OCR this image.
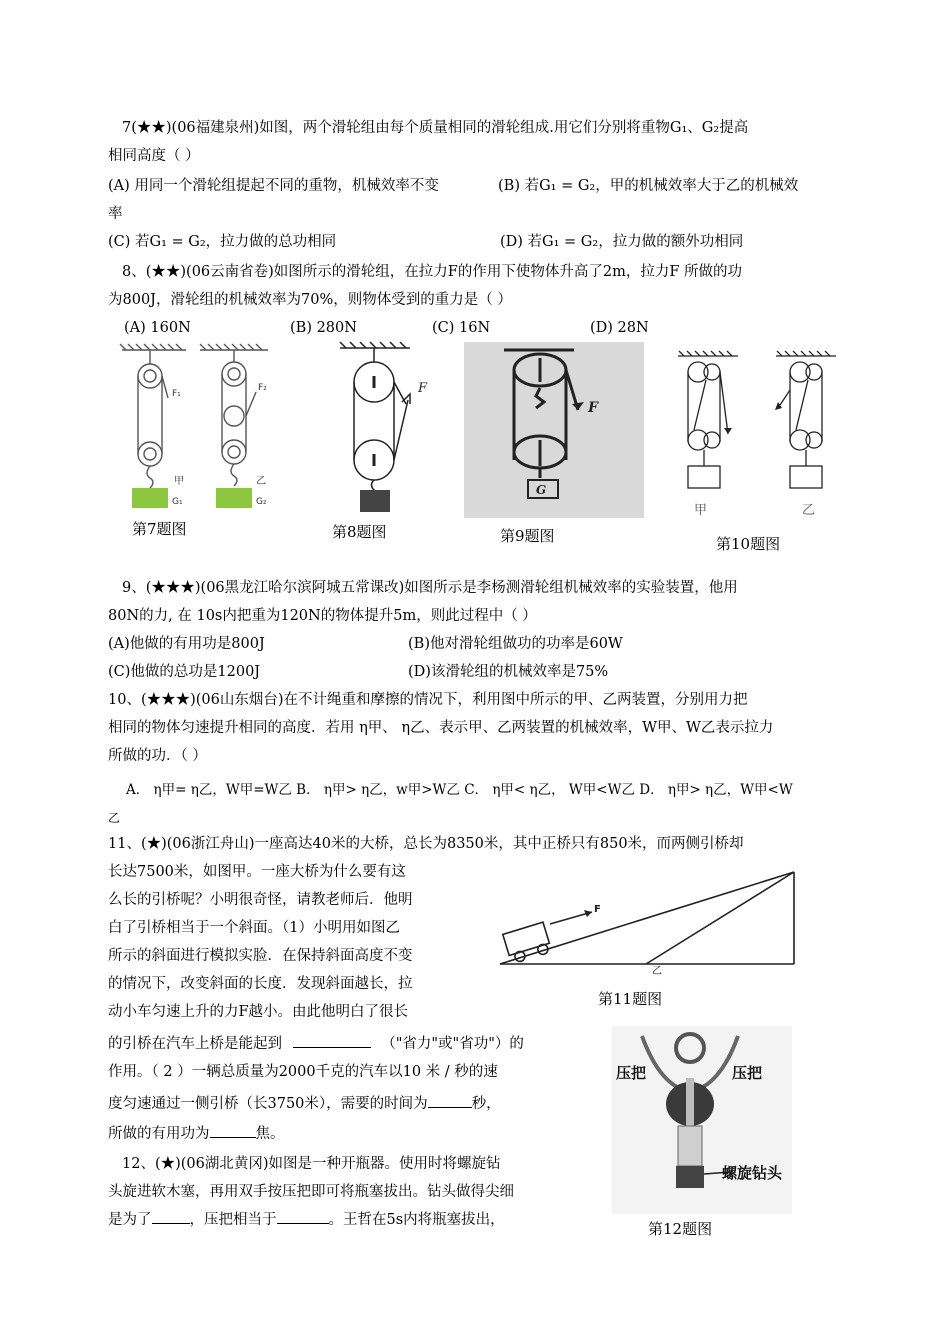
7(★★)(06福建泉州)如图，两个滑轮组由每个质量相同的滑轮组成.用它们分别将重物G₁、G₂提高
相同高度（ ）
(A) 用同一个滑轮组提起不同的重物，机械效率不变	(B) 若G₁ = G₂，甲的机械效率大于乙的机械效
率
(C) 若G₁ = G₂，拉力做的总功相同	(D) 若G₁ = G₂，拉力做的额外功相同
8、(★★)(06云南省卷)如图所示的滑轮组，在拉力F的作用下使物体升高了2m，拉力F 所做的功
为800J，滑轮组的机械效率为70%，则物体受到的重力是（ ）
(A) 160N	(B) 280N	(C) 16N	(D) 28N
F₁
F₂
甲	乙
G₁	G₂
第7题图
F
第8题图
F
G
第9题图
甲	乙
第10题图
9、(★★★)(06黑龙江哈尔滨阿城五常课改)如图所示是李杨测滑轮组机械效率的实验装置，他用
80N的力, 在 10s内把重为120N的物体提升5m，则此过程中（ ）
(A)他做的有用功是800J	(B)他对滑轮组做功的功率是60W
(C)他做的总功是1200J	(D)该滑轮组的机械效率是75%
10、(★★★)(06山东烟台)在不计绳重和摩擦的情况下，利用图中所示的甲、乙两装置，分别用力把
相同的物体匀速提升相同的高度．若用 η甲、 η乙、表示甲、乙两装置的机械效率，W甲、W乙表示拉力
所做的功．（ ）
A． η甲= η乙，W甲=W乙 B． η甲> η乙，w甲>W乙 C． η甲< η乙， W甲<W乙 D． η甲> η乙，W甲<W
乙
11、(★)(06浙江舟山)一座高达40米的大桥，总长为8350米，其中正桥只有850米，而两侧引桥却
长达7500米，如图甲。一座大桥为什么要有这
么长的引桥呢？小明很奇怪，请教老师后．他明
白了引桥相当于一个斜面。（1）小明用如图乙
所示的斜面进行模拟实脸．在保持斜面高度不变
的情况下，改变斜面的长度．发现斜面越长，拉
动小车匀速上升的力F越小。由此他明白了很长
的引桥在汽车上桥是能起到	（"省力"或"省功"）的
作用。（ 2 ）一辆总质量为2000千克的汽车以10 米 / 秒的速
度匀速通过一侧引桥（长3750米），需要的时间为	秒，
所做的有用功为	焦。
F
乙
第11题图
压把	压把
螺旋钻头
第12题图
12、(★)(06湖北黄冈)如图是一种开瓶器。使用时将螺旋钻
头旋进软木塞，再用双手按压把即可将瓶塞拔出。钻头做得尖细
是为了	，压把相当于	。王哲在5s内将瓶塞拔出，
